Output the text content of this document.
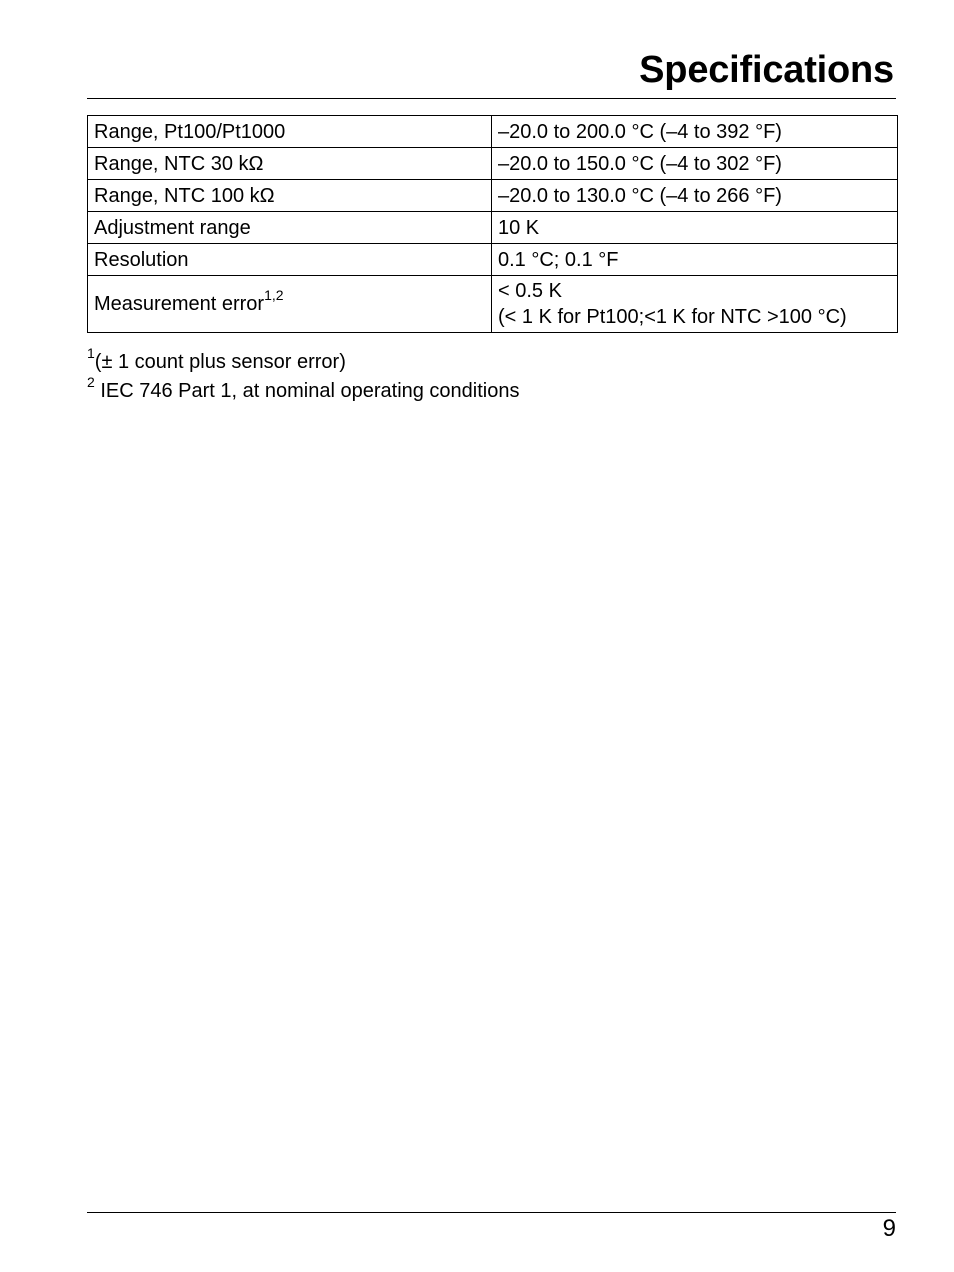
Specifications
Range, Pt100/Pt1000	–20.0 to 200.0 °C (–4 to 392 °F)
Range, NTC 30 kΩ	–20.0 to 150.0 °C (–4 to 302 °F)
Range, NTC 100 kΩ	–20.0 to 130.0 °C (–4 to 266 °F)
Adjustment range	10 K
Resolution	0.1 °C; 0.1 °F
Measurement error$^{1,2}$	< 0.5 K
(< 1 K for Pt100;<1 K for NTC >100 °C)
$^1$(± 1 count plus sensor error)
$^2$ IEC 746 Part 1, at nominal operating conditions
9
